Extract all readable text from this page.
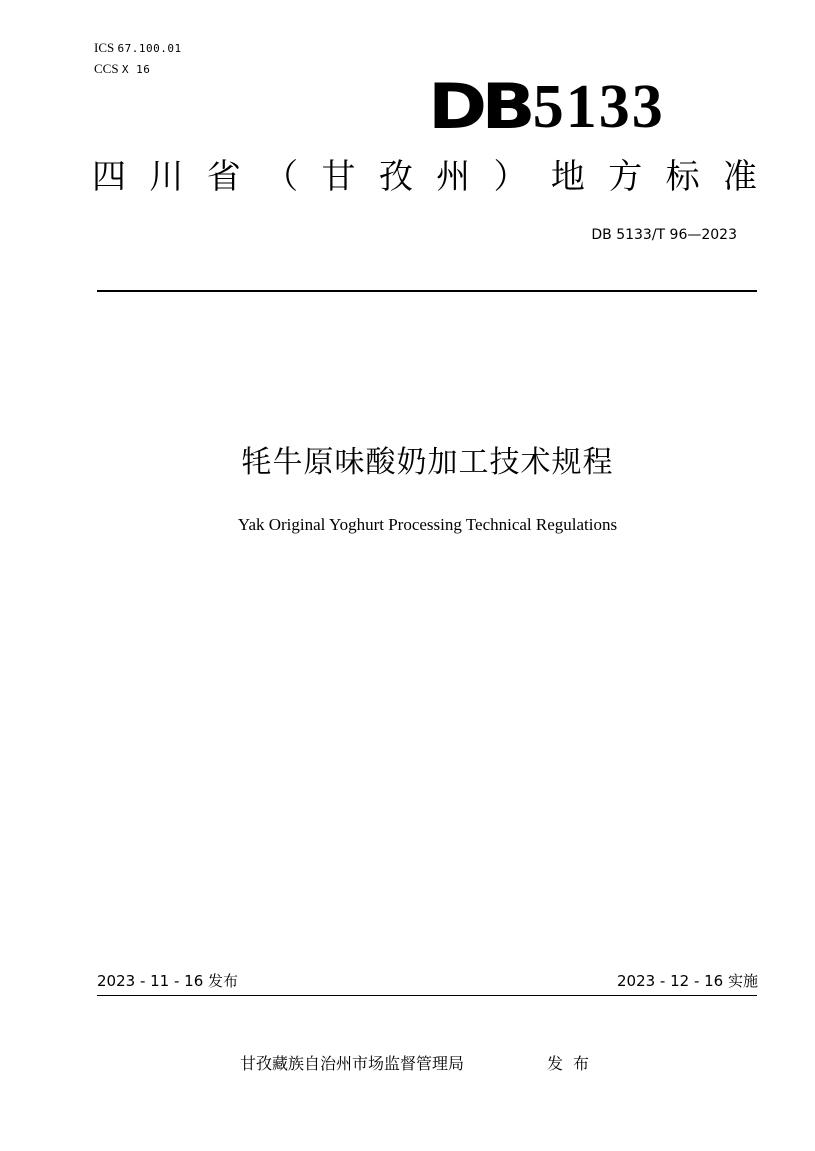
ICS 67.100.01
CCS X 16
DB 5133
四 川 省 （ 甘 孜 州 ） 地 方 标 准
DB 5133/T 96—2023
牦牛原味酸奶加工技术规程
Yak Original Yoghurt Processing Technical Regulations
2023 - 11 - 16 发布	2023 - 12 - 16 实施
甘孜藏族自治州市场监督管理局	发布
